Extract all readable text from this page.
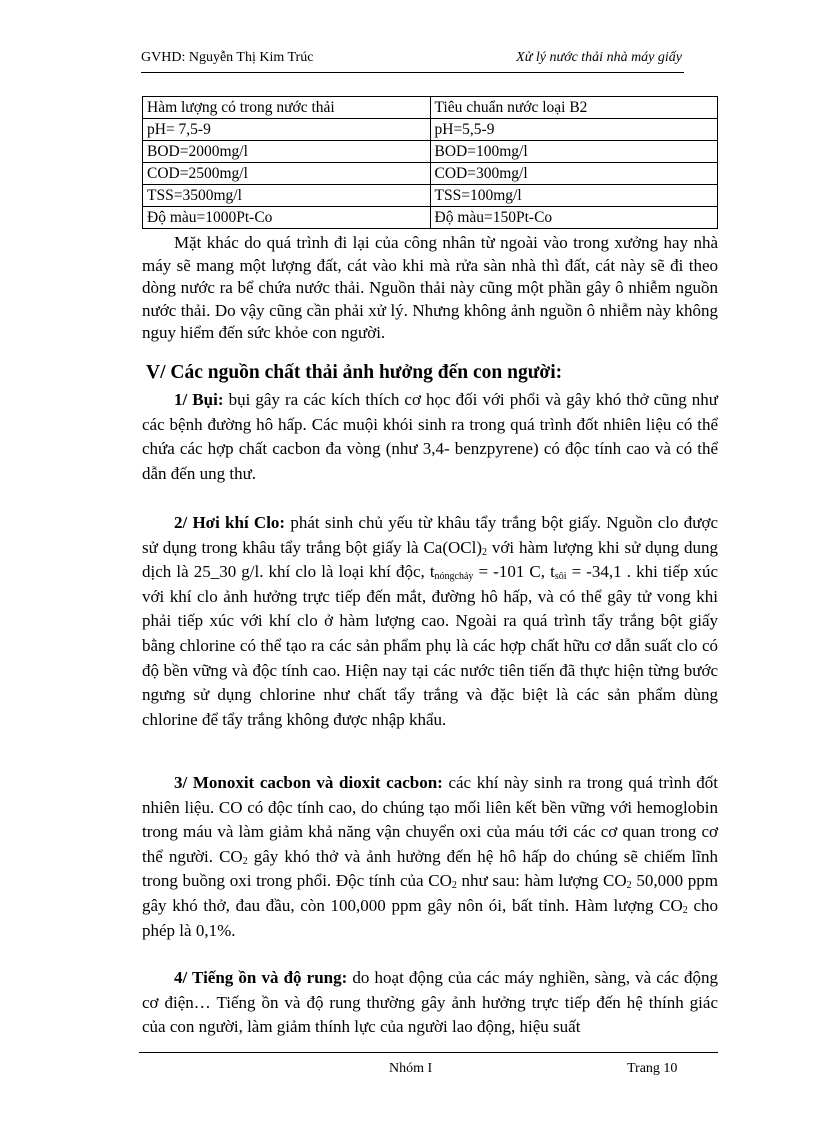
GVHD: Nguyễn Thị Kim Trúc	Xử lý nước thải nhà máy giấy
Hàm lượng có trong nước thải	Tiêu chuẩn nước loại B2
pH= 7,5-9	pH=5,5-9
BOD=2000mg/l	BOD=100mg/l
COD=2500mg/l	COD=300mg/l
TSS=3500mg/l	TSS=100mg/l
Độ màu=1000Pt-Co	Độ màu=150Pt-Co

Mặt khác do quá trình đi lại của công nhân từ ngoài vào trong xưởng hay nhà máy sẽ mang một lượng đất, cát vào khi mà rửa sàn nhà thì đất, cát này sẽ đi theo dòng nước ra bể chứa nước thải. Nguồn thải này cũng một phần gây ô nhiễm nguồn nước thải. Do vậy cũng cần phải xử lý. Nhưng không ảnh nguồn ô nhiễm này không nguy hiểm đến sức khỏe con người.

V/ Các nguồn chất thải ảnh hưởng đến con người:

1/ Bụi: bụi gây ra các kích thích cơ học đối với phổi và gây khó thở cũng như các bệnh đường hô hấp. Các muội khói sinh ra trong quá trình đốt nhiên liệu có thể chứa các hợp chất cacbon đa vòng (như 3,4- benzpyrene) có độc tính cao và có thể dẫn đến ung thư.

2/ Hơi khí Clo: phát sinh chủ yếu từ khâu tẩy trắng bột giấy. Nguồn clo được sử dụng trong khâu tẩy trắng bột giấy là $Ca(OCl)_2$ với hàm lượng khi sử dụng dung dịch là 25_30 g/l. khí clo là loại khí độc, $t_{nóngchảy} = -101$ C, $t_{sôi} = -34,1$ . khi tiếp xúc với khí clo ảnh hưởng trực tiếp đến mắt, đường hô hấp, và có thể gây tử vong khi phải tiếp xúc với khí clo ở hàm lượng cao. Ngoài ra quá trình tẩy trắng bột giấy bằng chlorine có thể tạo ra các sản phẩm phụ là các hợp chất hữu cơ dẫn suất clo có độ bền vững và độc tính cao. Hiện nay tại các nước tiên tiến đã thực hiện từng bước ngưng sử dụng chlorine như chất tẩy trắng và đặc biệt là các sản phẩm dùng chlorine để tẩy trắng không được nhập khẩu.

3/ Monoxit cacbon và dioxit cacbon: các khí này sinh ra trong quá trình đốt nhiên liệu. CO có độc tính cao, do chúng tạo mối liên kết bền vững với hemoglobin trong máu và làm giảm khả năng vận chuyển oxi của máu tới các cơ quan trong cơ thể người. $CO_2$ gây khó thở và ảnh hưởng đến hệ hô hấp do chúng sẽ chiếm lĩnh trong buồng oxi trong phổi. Độc tính của $CO_2$ như sau: hàm lượng $CO_2$ 50,000 ppm gây khó thở, đau đầu, còn 100,000 ppm gây nôn ói, bất tỉnh. Hàm lượng $CO_2$ cho phép là 0,1%.

4/ Tiếng ồn và độ rung: do hoạt động của các máy nghiền, sàng, và các động cơ điện… Tiếng ồn và độ rung thường gây ảnh hưởng trực tiếp đến hệ thính giác của con người, làm giảm thính lực của người lao động, hiệu suất

Nhóm I	Trang 10
